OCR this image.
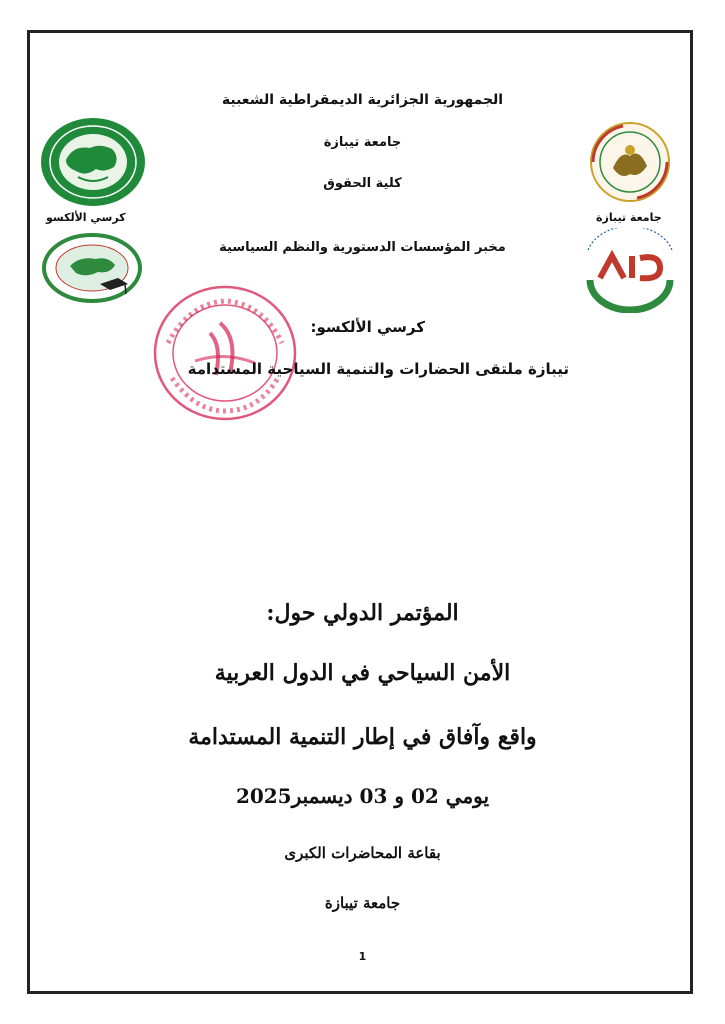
الجمهورية الجزائرية الديمقراطية الشعبية
جامعة تيبازة
كلية الحقوق
مخبر المؤسسات الدستورية والنظم السياسية
كرسي الألكسو	جامعة تيبازة
كرسي الألكسو:
تيبازة ملتقى الحضارات والتنمية السياحية المستدامة
المؤتمر الدولي حول:
الأمن السياحي في الدول العربية
واقع وآفاق في إطار التنمية المستدامة
يومي 02 و 03 ديسمبر2025
بقاعة المحاضرات الكبرى
جامعة تيبازة
1
